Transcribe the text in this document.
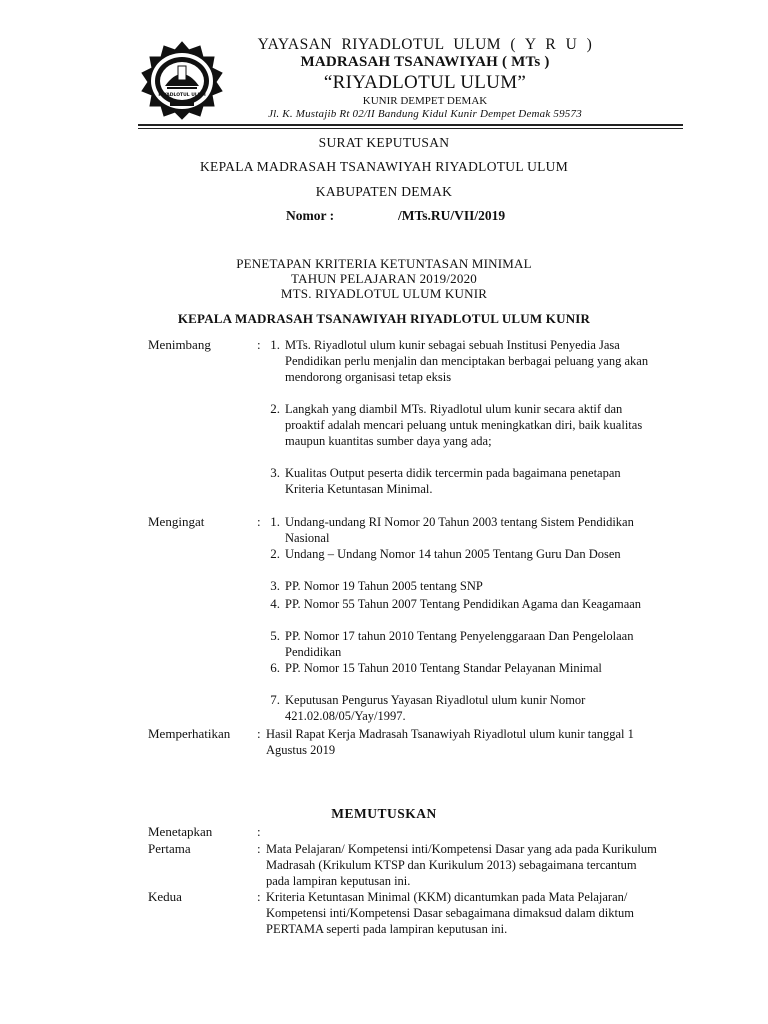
RIYADLOTUL ULUM
YAYASAN RIYADLOTUL ULUM ( Y R U )
MADRASAH TSANAWIYAH ( MTs )
“RIYADLOTUL ULUM”
KUNIR DEMPET DEMAK
Jl. K. Mustajib Rt 02/II Bandung Kidul Kunir Dempet Demak 59573
SURAT KEPUTUSAN
KEPALA MADRASAH TSANAWIYAH RIYADLOTUL ULUM
KABUPATEN DEMAK
Nomor :	/MTs.RU/VII/2019
PENETAPAN KRITERIA KETUNTASAN MINIMAL
TAHUN PELAJARAN 2019/2020
MTS. RIYADLOTUL ULUM KUNIR
KEPALA MADRASAH TSANAWIYAH RIYADLOTUL ULUM KUNIR
Menimbang	: 1. MTs. Riyadlotul ulum kunir sebagai sebuah Institusi Penyedia Jasa Pendidikan perlu menjalin dan menciptakan berbagai peluang yang akan mendorong organisasi tetap eksis
2. Langkah yang diambil MTs. Riyadlotul ulum kunir secara aktif dan proaktif adalah mencari peluang untuk meningkatkan diri, baik kualitas maupun kuantitas sumber daya yang ada;
3. Kualitas Output peserta didik tercermin pada bagaimana penetapan Kriteria Ketuntasan Minimal.
Mengingat	: 1. Undang-undang RI Nomor 20 Tahun 2003 tentang Sistem Pendidikan Nasional
2. Undang – Undang Nomor 14 tahun 2005 Tentang Guru Dan Dosen
3. PP. Nomor 19 Tahun 2005 tentang SNP
4. PP. Nomor 55 Tahun 2007 Tentang Pendidikan Agama dan Keagamaan
5. PP. Nomor 17 tahun 2010 Tentang Penyelenggaraan Dan Pengelolaan Pendidikan
6. PP. Nomor 15 Tahun 2010 Tentang Standar Pelayanan Minimal
7. Keputusan Pengurus Yayasan Riyadlotul ulum kunir Nomor 421.02.08/05/Yay/1997.
Memperhatikan : Hasil Rapat Kerja Madrasah Tsanawiyah Riyadlotul ulum kunir tanggal 1 Agustus 2019
MEMUTUSKAN
Menetapkan	:
Pertama	: Mata Pelajaran/ Kompetensi inti/Kompetensi Dasar yang ada pada Kurikulum Madrasah (Krikulum KTSP dan Kurikulum 2013) sebagaimana tercantum pada lampiran keputusan ini.
Kedua	: Kriteria Ketuntasan Minimal (KKM) dicantumkan pada Mata Pelajaran/ Kompetensi inti/Kompetensi Dasar sebagaimana dimaksud dalam diktum PERTAMA seperti pada lampiran keputusan ini.
